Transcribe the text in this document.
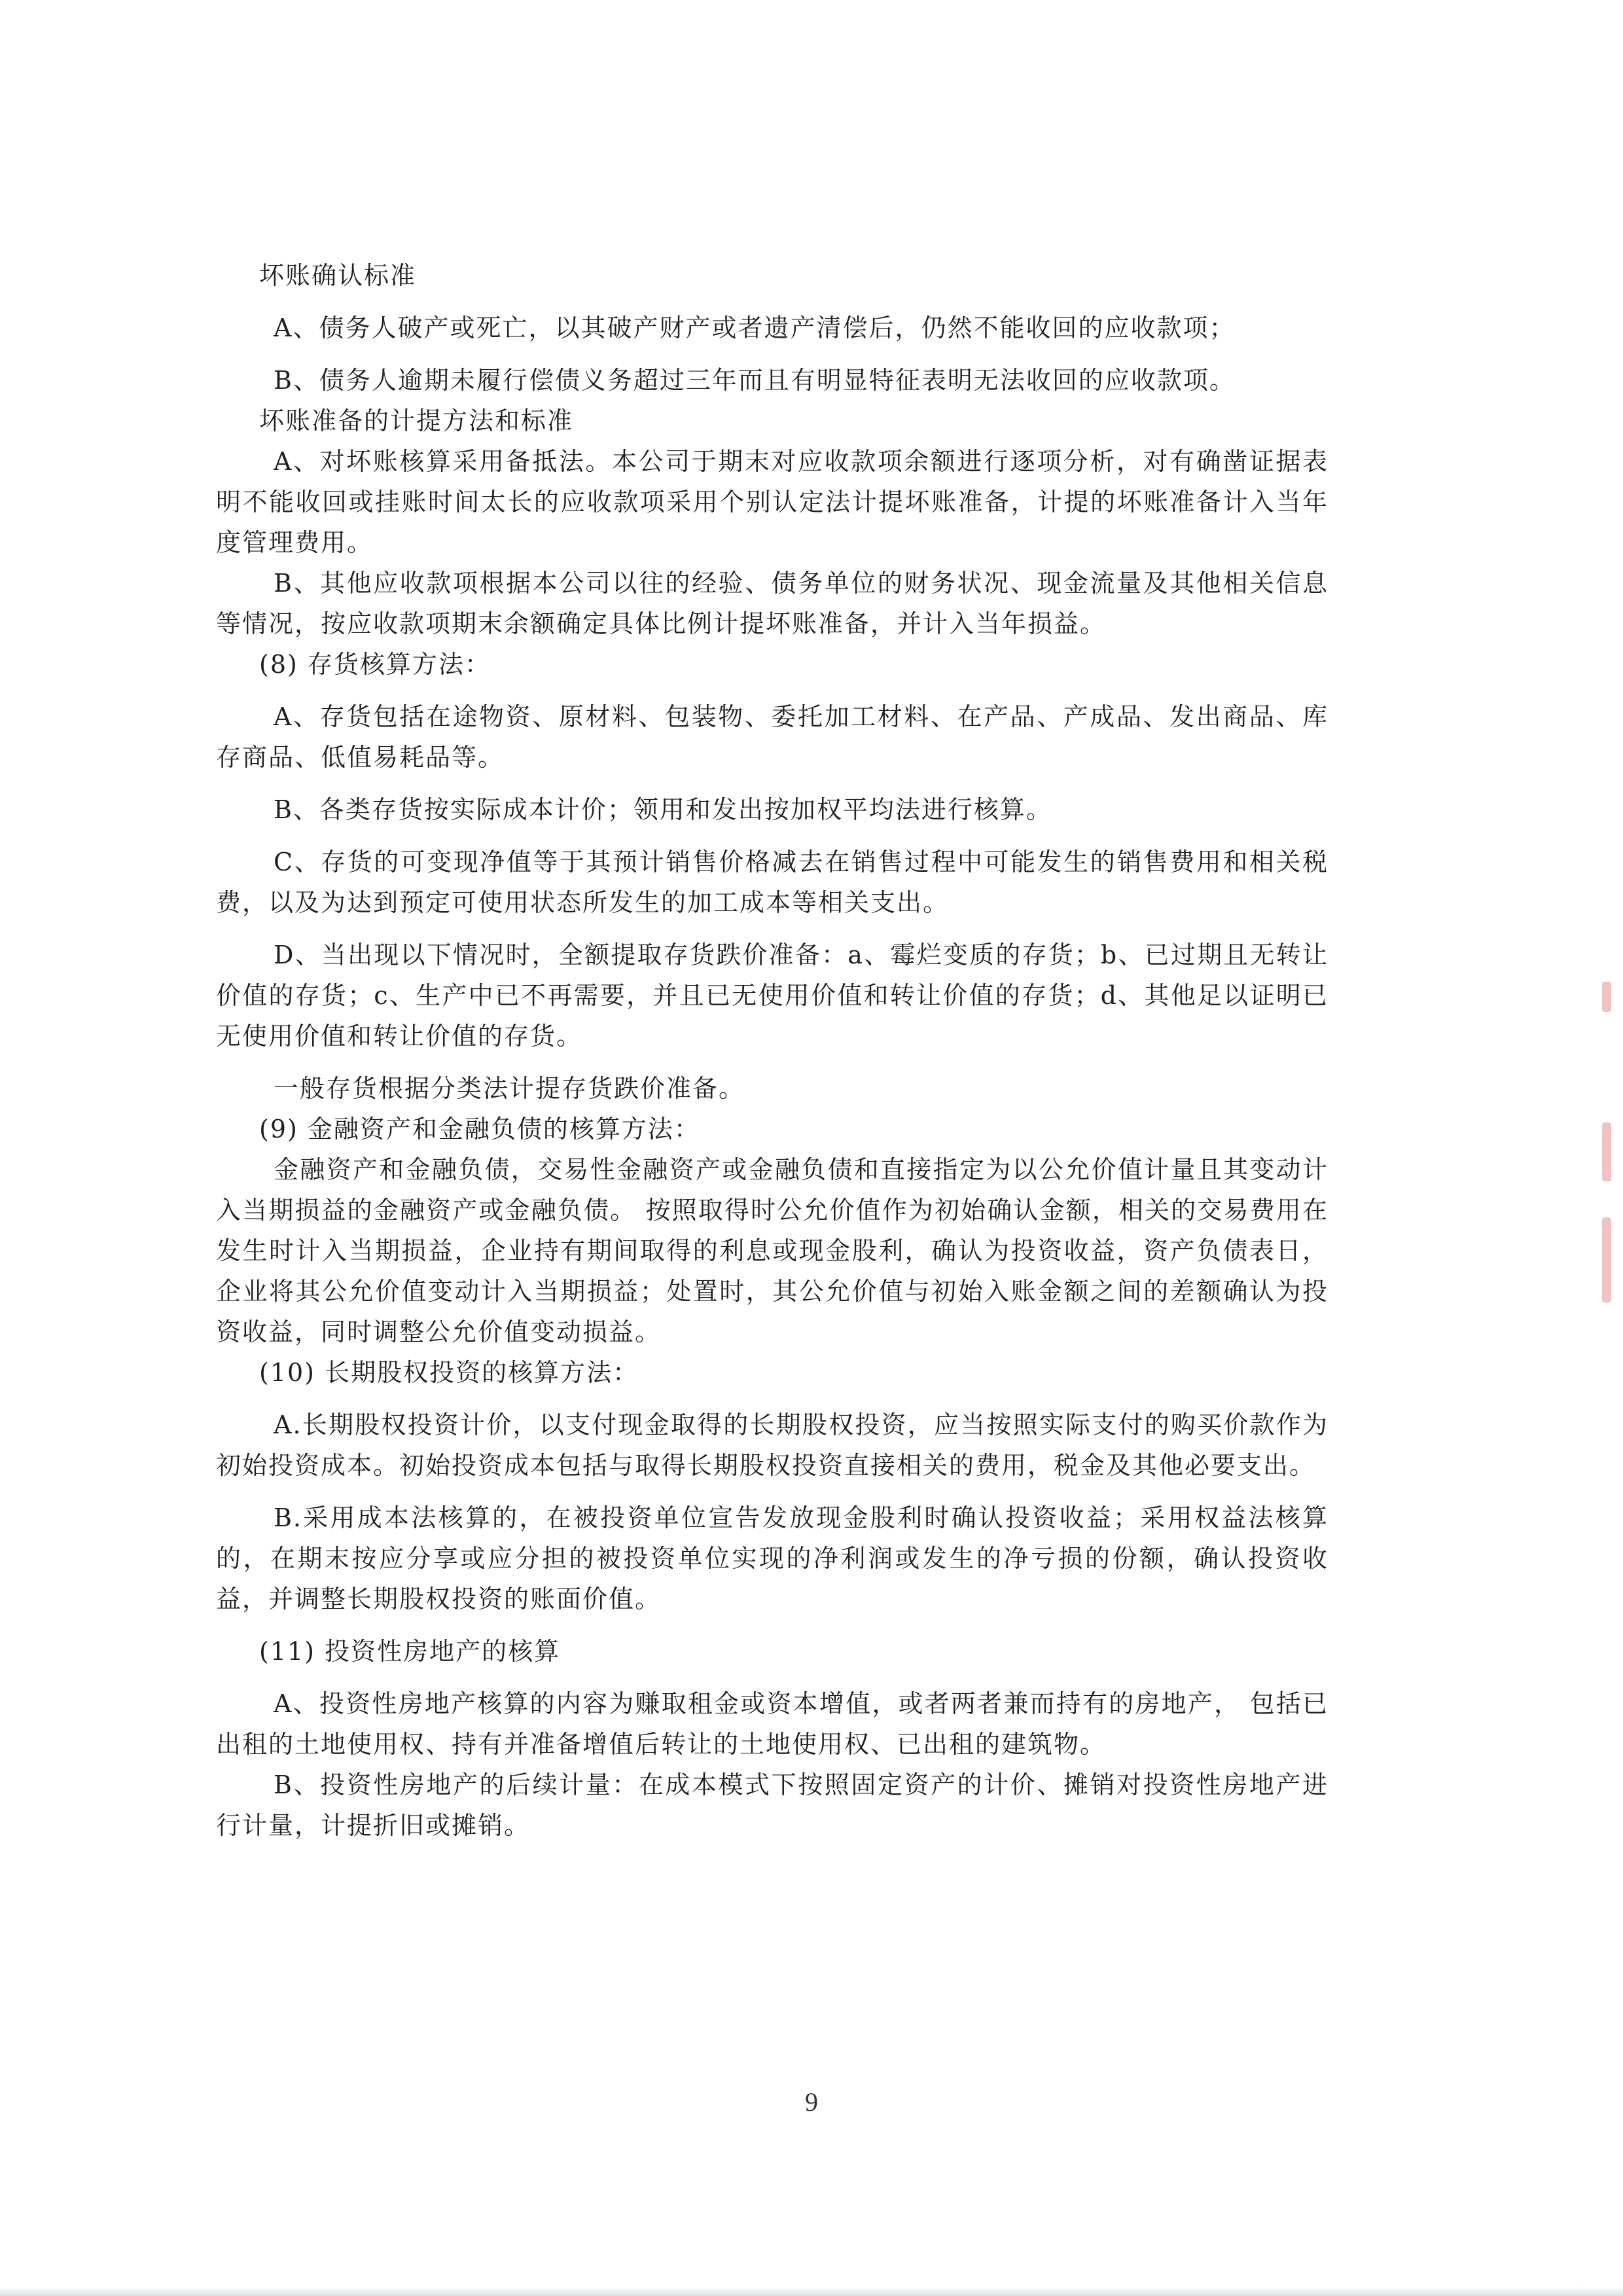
坏账确认标准

A、债务人破产或死亡，以其破产财产或者遗产清偿后，仍然不能收回的应收款项；

B、债务人逾期未履行偿债义务超过三年而且有明显特征表明无法收回的应收款项。

坏账准备的计提方法和标准

A、对坏账核算采用备抵法。本公司于期末对应收款项余额进行逐项分析，对有确凿证据表明不能收回或挂账时间太长的应收款项采用个别认定法计提坏账准备，计提的坏账准备计入当年度管理费用。

B、其他应收款项根据本公司以往的经验、债务单位的财务状况、现金流量及其他相关信息等情况，按应收款项期末余额确定具体比例计提坏账准备，并计入当年损益。

(8) 存货核算方法：

A、存货包括在途物资、原材料、包装物、委托加工材料、在产品、产成品、发出商品、库存商品、低值易耗品等。

B、各类存货按实际成本计价；领用和发出按加权平均法进行核算。

C、存货的可变现净值等于其预计销售价格减去在销售过程中可能发生的销售费用和相关税费，以及为达到预定可使用状态所发生的加工成本等相关支出。

D、当出现以下情况时，全额提取存货跌价准备：a、霉烂变质的存货；b、已过期且无转让价值的存货；c、生产中已不再需要，并且已无使用价值和转让价值的存货；d、其他足以证明已无使用价值和转让价值的存货。

一般存货根据分类法计提存货跌价准备。

(9) 金融资产和金融负债的核算方法：

金融资产和金融负债，交易性金融资产或金融负债和直接指定为以公允价值计量且其变动计入当期损益的金融资产或金融负债。 按照取得时公允价值作为初始确认金额，相关的交易费用在发生时计入当期损益，企业持有期间取得的利息或现金股利，确认为投资收益，资产负债表日，企业将其公允价值变动计入当期损益；处置时，其公允价值与初始入账金额之间的差额确认为投资收益，同时调整公允价值变动损益。

(10) 长期股权投资的核算方法：

A.长期股权投资计价，以支付现金取得的长期股权投资，应当按照实际支付的购买价款作为初始投资成本。初始投资成本包括与取得长期股权投资直接相关的费用，税金及其他必要支出。

B.采用成本法核算的，在被投资单位宣告发放现金股利时确认投资收益；采用权益法核算的，在期末按应分享或应分担的被投资单位实现的净利润或发生的净亏损的份额，确认投资收益，并调整长期股权投资的账面价值。

(11) 投资性房地产的核算

A、投资性房地产核算的内容为赚取租金或资本增值，或者两者兼而持有的房地产， 包括已出租的土地使用权、持有并准备增值后转让的土地使用权、已出租的建筑物。

B、投资性房地产的后续计量：在成本模式下按照固定资产的计价、摊销对投资性房地产进行计量，计提折旧或摊销。

9
